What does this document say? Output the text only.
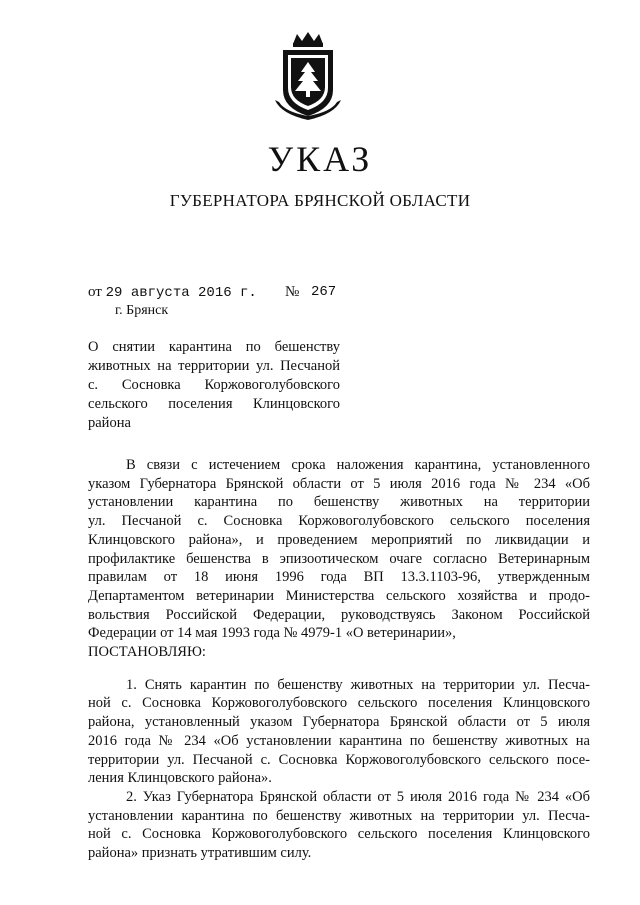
УКАЗ
ГУБЕРНАТОРА БРЯНСКОЙ ОБЛАСТИ
от 29 августа 2016 г. № 267
г. Брянск
О снятии карантина по бешенству
животных на территории ул. Песчаной
с. Сосновка Коржовоголубовского
сельского поселения Клинцовского
района
В связи с истечением срока наложения карантина, установленного
указом Губернатора Брянской области от 5 июля 2016 года № 234 «Об
установлении карантина по бешенству животных на территории
ул. Песчаной с. Сосновка Коржовоголубовского сельского поселения
Клинцовского района», и проведением мероприятий по ликвидации и
профилактике бешенства в эпизоотическом очаге согласно Ветеринарным
правилам от 18 июня 1996 года ВП 13.3.1103-96, утвержденным
Департаментом ветеринарии Министерства сельского хозяйства и продо-
вольствия Российской Федерации, руководствуясь Законом Российской
Федерации от 14 мая 1993 года № 4979-1 «О ветеринарии»,
ПОСТАНОВЛЯЮ:
1. Снять карантин по бешенству животных на территории ул. Песча-
ной с. Сосновка Коржовоголубовского сельского поселения Клинцовского
района, установленный указом Губернатора Брянской области от 5 июля
2016 года № 234 «Об установлении карантина по бешенству животных на
территории ул. Песчаной с. Сосновка Коржовоголубовского сельского посе-
ления Клинцовского района».
2. Указ Губернатора Брянской области от 5 июля 2016 года № 234 «Об
установлении карантина по бешенству животных на территории ул. Песча-
ной с. Сосновка Коржовоголубовского сельского поселения Клинцовского
района» признать утратившим силу.
